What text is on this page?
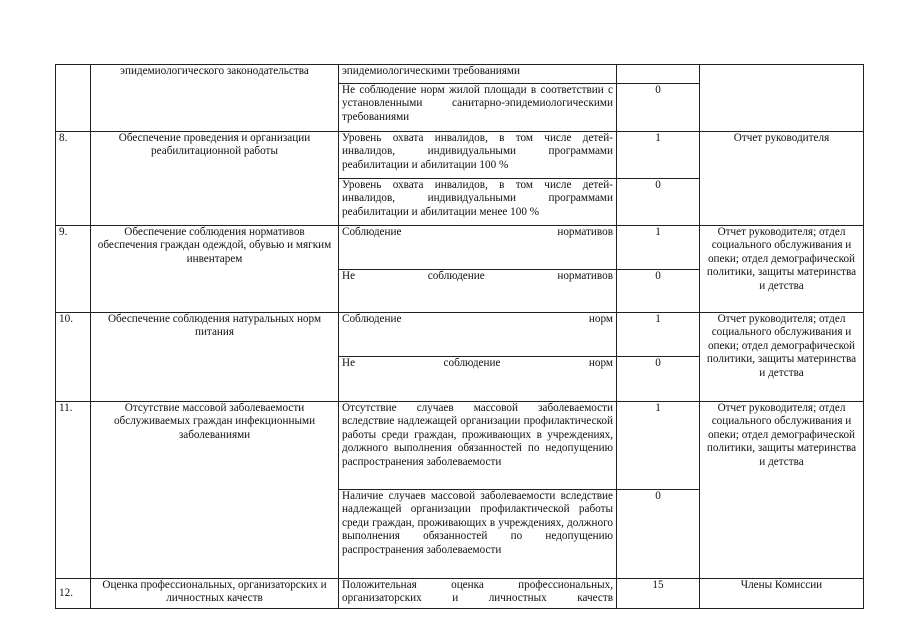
	эпидемиологического законодательства	эпидемиологическими требованиями		
		Не соблюдение норм жилой площади в соответствии с установленными санитарно-эпидемиологическими требованиями	0	
8.	Обеспечение проведения и организации реабилитационной работы	Уровень охвата инвалидов, в том числе детей-инвалидов, индивидуальными программами реабилитации и абилитации 100 %	1	Отчет руководителя
		Уровень охвата инвалидов, в том числе детей-инвалидов, индивидуальными программами реабилитации и абилитации менее 100 %	0	
9.	Обеспечение соблюдения нормативов обеспечения граждан одеждой, обувью и мягким инвентарем	Соблюдение нормативов	1	Отчет руководителя; отдел социального обслуживания и опеки; отдел демографической политики, защиты материнства и детства
		Не соблюдение нормативов	0	
10.	Обеспечение соблюдения натуральных норм питания	Соблюдение норм	1	Отчет руководителя; отдел социального обслуживания и опеки; отдел демографической политики, защиты материнства и детства
		Не соблюдение норм	0	
11.	Отсутствие массовой заболеваемости обслуживаемых граждан инфекционными заболеваниями	Отсутствие случаев массовой заболеваемости вследствие надлежащей организации профилактической работы среди граждан, проживающих в учреждениях, должного выполнения обязанностей по недопущению распространения заболеваемости	1	Отчет руководителя; отдел социального обслуживания и опеки; отдел демографической политики, защиты материнства и детства
		Наличие случаев массовой заболеваемости вследствие надлежащей организации профилактической работы среди граждан, проживающих в учреждениях, должного выполнения обязанностей по недопущению распространения заболеваемости	0	
12.	Оценка профессиональных, организаторских и личностных качеств	Положительная оценка профессиональных, организаторских и личностных качеств	15	Члены Комиссии
